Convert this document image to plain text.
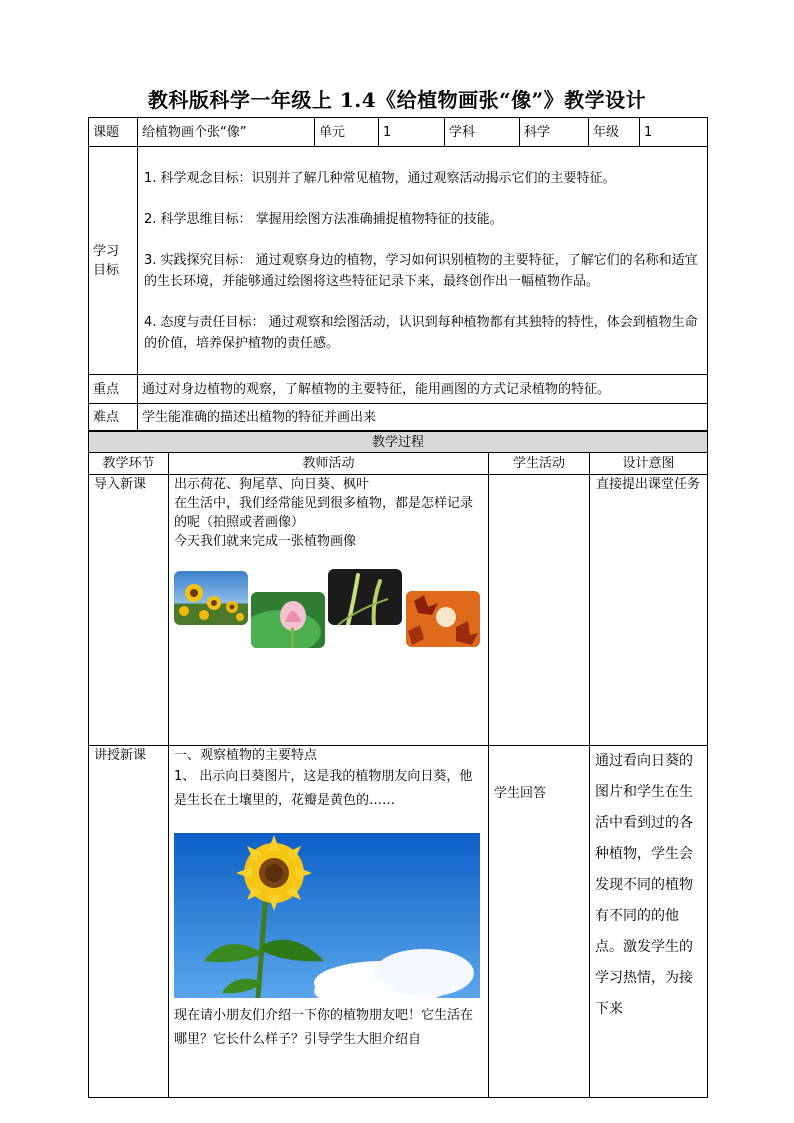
教科版科学一年级上 1.4《给植物画张“像”》教学设计
课题	给植物画个张“像”	单元	1	学科	科学	年级	1
学习目标	1. 科学观念目标：识别并了解几种常见植物，通过观察活动揭示它们的主要特征。

2. 科学思维目标： 掌握用绘图方法准确捕捉植物特征的技能。

3. 实践探究目标： 通过观察身边的植物，学习如何识别植物的主要特征，了解它们的名称和适宜的生长环境，并能够通过绘图将这些特征记录下来，最终创作出一幅植物作品。

4. 态度与责任目标： 通过观察和绘图活动，认识到每种植物都有其独特的特性，体会到植物生命的价值，培养保护植物的责任感。						

重点	通过对身边植物的观察，了解植物的主要特征，能用画图的方式记录植物的特征。						
难点	学生能准确的描述出植物的特征并画出来						
教学过程			
教学环节	教师活动	学生活动	设计意图
导入新课	出示荷花、狗尾草、向日葵、枫叶

在生活中，我们经常能见到很多植物，都是怎样记录的呢（拍照或者画像）

今天我们就来完成一张植物画像		直接提出课堂任务
讲授新课	一、观察植物的主要特点

1、 出示向日葵图片，这是我的植物朋友向日葵，他是生长在土壤里的，花瓣是黄色的……

现在请小朋友们介绍一下你的植物朋友吧！它生活在哪里？它长什么样子？引导学生大胆介绍自	学生回答	通过看向日葵的图片和学生在生活中看到过的各种植物，学生会发现不同的植物有不同的的他点。激发学生的学习热情，为接下来
